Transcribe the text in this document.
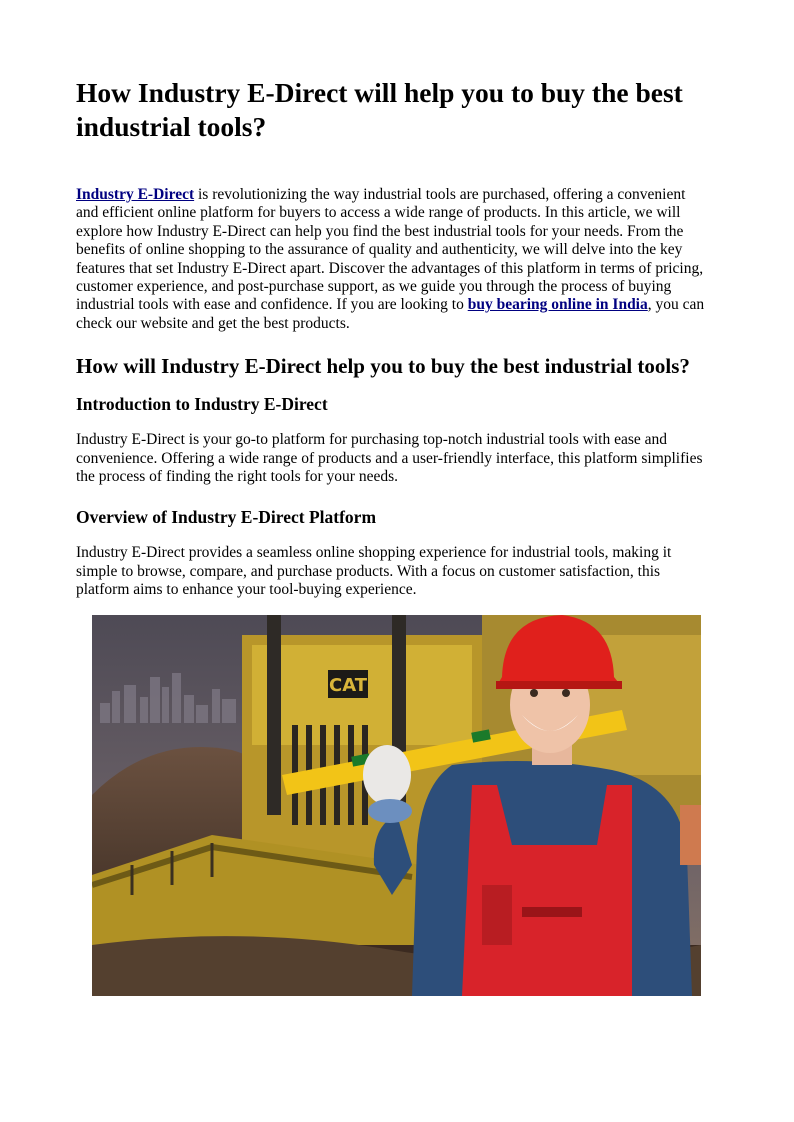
How Industry E-Direct will help you to buy the best industrial tools?

Industry E-Direct is revolutionizing the way industrial tools are purchased, offering a convenient and efficient online platform for buyers to access a wide range of products. In this article, we will explore how Industry E-Direct can help you find the best industrial tools for your needs. From the benefits of online shopping to the assurance of quality and authenticity, we will delve into the key features that set Industry E-Direct apart. Discover the advantages of this platform in terms of pricing, customer experience, and post-purchase support, as we guide you through the process of buying industrial tools with ease and confidence. If you are looking to buy bearing online in India, you can check our website and get the best products.

How will Industry E-Direct help you to buy the best industrial tools?
Introduction to Industry E-Direct

Industry E-Direct is your go-to platform for purchasing top-notch industrial tools with ease and convenience. Offering a wide range of products and a user-friendly interface, this platform simplifies the process of finding the right tools for your needs.

Overview of Industry E-Direct Platform

Industry E-Direct provides a seamless online shopping experience for industrial tools, making it simple to browse, compare, and purchase products. With a focus on customer satisfaction, this platform aims to enhance your tool-buying experience.

CAT
